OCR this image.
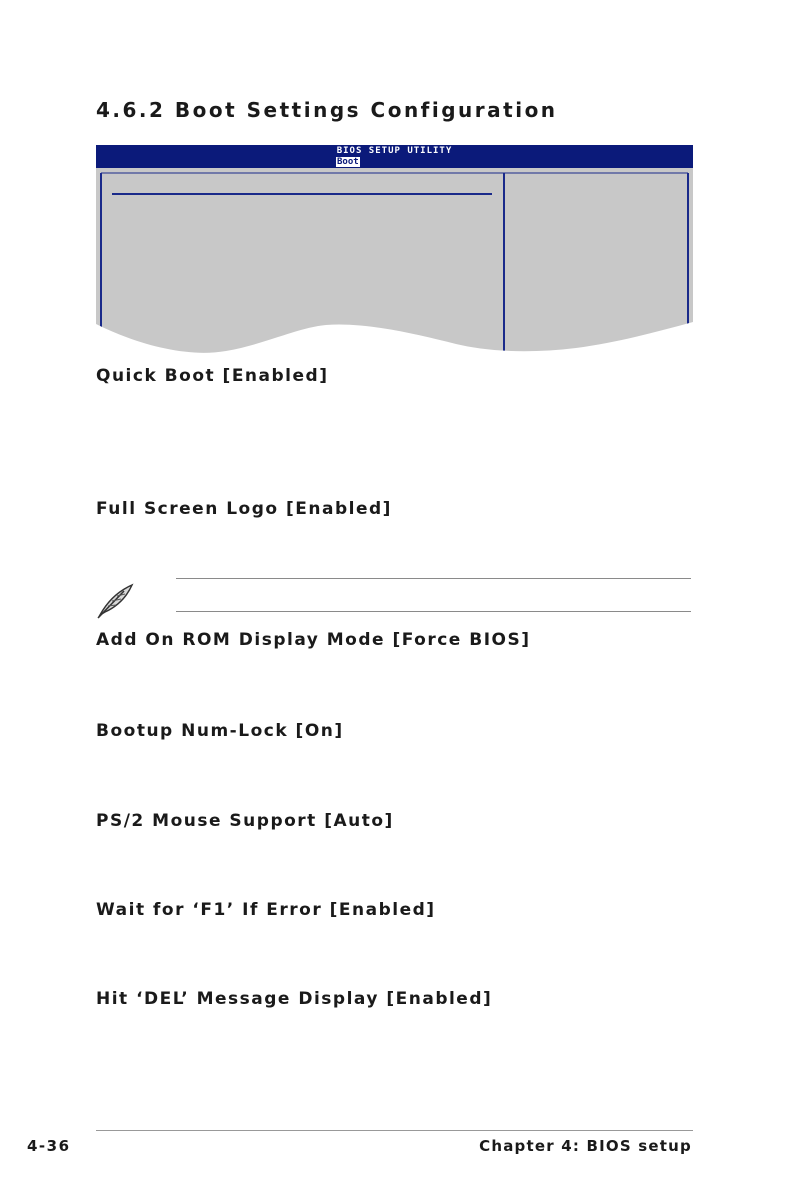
4.6.2 Boot Settings Configuration
BIOS SETUP UTILITY
Boot
Quick Boot [Enabled]
Full Screen Logo [Enabled]
Add On ROM Display Mode [Force BIOS]
Bootup Num-Lock [On]
PS/2 Mouse Support [Auto]
Wait for ‘F1’ If Error [Enabled]
Hit ‘DEL’ Message Display [Enabled]
4-36	Chapter 4: BIOS setup
